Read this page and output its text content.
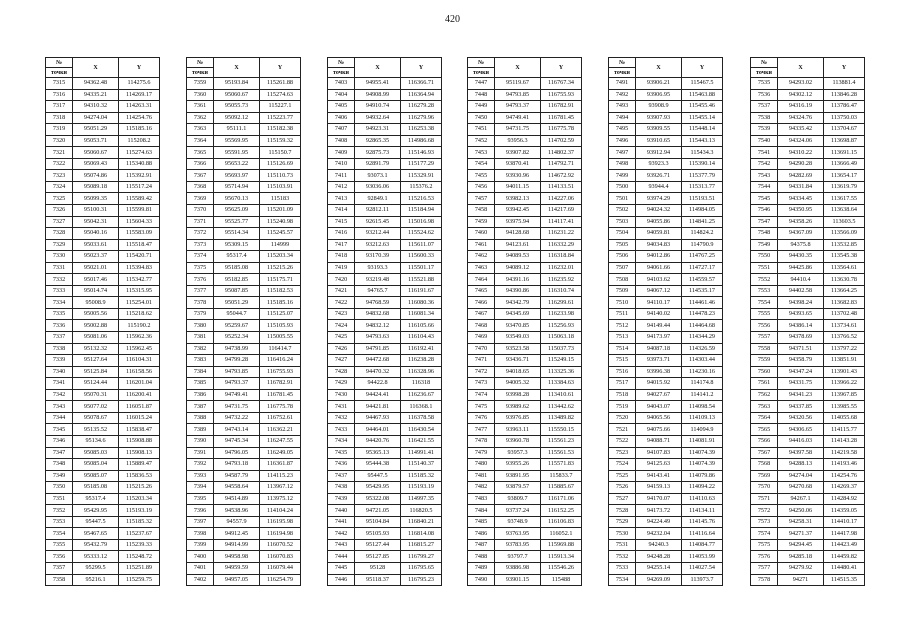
420
№	X	Y
точки		
7315	94362.48	114275.6
7316	94335.21	114269.17
7317	94310.32	114263.31
7318	94274.04	114254.76
7319	95051.29	115185.16
7320	95053.71	115208.2
7321	95060.67	115274.63
7322	95069.43	115340.88
7323	95074.86	115392.91
7324	95089.18	115517.24
7325	95099.35	115589.42
7326	95100.31	115599.81
7327	95042.31	115604.33
7328	95040.16	115583.09
7329	95033.61	115518.47
7330	95023.37	115420.71
7331	95021.01	115394.83
7332	95017.46	115342.77
7333	95014.74	115315.95
7334	95008.9	115254.01
7335	95005.56	115218.62
7336	95002.88	115190.2
7337	95081.06	115962.36
7338	95132.32	115962.45
7339	95127.64	116104.31
7340	95125.84	116158.56
7341	95124.44	116201.04
7342	95070.31	116200.41
7343	95077.02	116051.87
7344	95078.67	116015.24
7345	95135.52	115838.47
7346	95134.6	115908.88
7347	95085.03	115908.13
7348	95085.04	115889.47
7349	95085.07	115836.53
7350	95185.08	115215.26
7351	95317.4	115203.34
7352	95429.95	115193.19
7353	95447.5	115185.32
7354	95467.65	115237.67
7355	95432.79	115239.33
7356	95333.12	115248.72
7357	95299.5	115251.89
7358	95216.1	115259.75
№	X	Y
точки		
7359	95193.84	115261.88
7360	95060.67	115274.63
7361	95055.73	115227.1
7362	95092.12	115223.77
7363	95111.1	115182.38
7364	95569.95	115159.32
7365	95591.95	115150.7
7366	95653.22	115126.69
7367	95693.97	115110.73
7368	95714.94	115103.91
7369	95670.13	115183
7370	95625.09	115201.09
7371	95525.77	115240.98
7372	95514.34	115245.57
7373	95309.15	114999
7374	95317.4	115203.34
7375	95185.08	115215.26
7376	95182.85	115175.71
7377	95087.85	115182.53
7378	95051.29	115185.16
7379	95044.7	115125.07
7380	95259.67	115105.93
7381	95252.34	115005.55
7382	94738.99	116414.7
7383	94799.28	116416.24
7384	94793.85	116755.93
7385	94793.37	116782.91
7386	94749.41	116781.45
7387	94731.75	116775.78
7388	94732.22	116752.61
7389	94743.14	116362.21
7390	94745.34	116247.55
7391	94796.05	116249.05
7392	94793.18	116361.87
7393	94587.79	114115.23
7394	94558.64	113967.12
7395	94514.89	113975.12
7396	94538.96	114104.24
7397	94557.9	116195.98
7398	94912.45	116194.98
7399	94914.99	116070.52
7400	94958.98	116070.83
7401	94959.59	116079.44
7402	94957.05	116254.79
№	X	Y
точки		
7403	94955.41	116366.71
7404	94908.99	116364.94
7405	94910.74	116279.28
7406	94932.64	116279.96
7407	94923.31	116253.38
7408	92865.35	114986.68
7409	92875.73	115146.93
7410	92891.79	115177.29
7411	93073.1	115329.91
7412	93036.06	115376.2
7413	92849.1	115216.53
7414	92812.11	115184.94
7415	92615.45	115016.98
7416	93212.44	115524.62
7417	93212.63	115611.07
7418	93170.39	115600.33
7419	93193.3	115501.17
7420	93219.48	115521.88
7421	94765.7	116191.67
7422	94768.59	116080.36
7423	94832.68	116081.34
7424	94832.12	116105.66
7425	94793.63	116104.43
7426	94791.85	116192.41
7427	94472.68	116238.28
7428	94470.32	116328.96
7429	94422.8	116318
7430	94424.41	116236.67
7431	94421.81	116368.1
7432	94467.93	116378.58
7433	94464.01	116430.54
7434	94420.76	116421.55
7435	95365.13	114991.41
7436	95444.38	115140.37
7437	95447.5	115185.32
7438	95429.95	115193.19
7439	95322.08	114997.35
7440	94721.05	116820.5
7441	95104.84	116840.21
7442	95105.93	116814.08
7443	95127.44	116815.27
7444	95127.85	116799.27
7445	95128	116795.65
7446	95118.37	116795.23
№	X	Y
точки		
7447	95119.67	116767.34
7448	94793.85	116755.93
7449	94793.37	116782.91
7450	94749.41	116781.45
7451	94731.75	116775.78
7452	93956.3	114702.59
7453	93907.82	114802.37
7454	93870.41	114792.71
7455	93930.96	114672.92
7456	94011.15	114133.51
7457	93982.13	114227.06
7458	93942.45	114217.69
7459	93975.94	114117.41
7460	94128.68	116231.22
7461	94123.61	116332.29
7462	94089.53	116318.84
7463	94089.12	116232.01
7464	94391.16	116235.92
7465	94390.86	116310.74
7466	94342.79	116299.61
7467	94345.69	116233.98
7468	93470.85	115256.93
7469	93549.03	115063.18
7470	93523.58	115037.73
7471	93436.71	115249.15
7472	94018.65	113325.36
7473	94005.32	113384.63
7474	93998.28	113410.61
7475	93989.62	113442.62
7476	93976.85	113489.82
7477	93963.11	115550.15
7478	93960.78	115561.23
7479	93957.3	115561.53
7480	93955.26	115571.83
7481	93891.95	115833.7
7482	93879.57	115885.67
7483	93809.7	116171.06
7484	93737.24	116152.25
7485	93748.9	116106.83
7486	93763.95	116052.1
7487	93783.95	115969.88
7488	93797.7	115913.34
7489	93886.98	115546.26
7490	93901.15	115488
№	X	Y
точки		
7491	93906.21	115467.5
7492	93906.95	115463.88
7493	93908.9	115455.46
7494	93907.93	115455.14
7495	93909.55	115448.14
7496	93910.65	115443.13
7497	93912.94	115434.3
7498	93923.3	115390.14
7499	93926.71	115377.79
7500	93944.4	115313.77
7501	93974.29	115193.51
7502	94024.32	114984.05
7503	94055.86	114841.25
7504	94059.81	114824.2
7505	94034.83	114790.9
7506	94012.86	114767.25
7507	94061.66	114727.17
7508	94103.62	114559.57
7509	94067.12	114535.17
7510	94110.17	114461.46
7511	94140.02	114478.23
7512	94149.44	114464.68
7513	94173.97	114344.29
7514	94087.18	114326.59
7515	93973.71	114303.44
7516	93996.38	114230.16
7517	94015.92	114174.8
7518	94027.67	114141.2
7519	94043.07	114098.54
7520	94065.56	114109.13
7521	94075.66	114094.9
7522	94088.71	114081.91
7523	94107.83	114074.39
7524	94125.63	114074.39
7525	94143.41	114079.86
7526	94159.13	114094.22
7527	94170.07	114110.63
7528	94173.72	114134.11
7529	94224.49	114145.76
7530	94232.04	114116.64
7531	94240.3	114084.77
7532	94248.28	114053.99
7533	94255.14	114027.54
7534	94269.09	113973.7
№	X	Y
точки		
7535	94293.02	113881.4
7536	94302.12	113846.28
7537	94316.19	113786.47
7538	94324.76	113750.03
7539	94335.42	113704.67
7540	94324.06	113698.87
7541	94310.22	113691.15
7542	94290.28	113666.49
7543	94282.69	113654.17
7544	94331.84	113619.79
7545	94334.45	113617.55
7546	94350.95	113638.64
7547	94358.26	113603.5
7548	94367.09	113566.09
7549	94375.8	113532.85
7550	94430.35	113545.38
7551	94425.86	113564.61
7552	94410.4	113630.78
7553	94402.58	113664.25
7554	94398.24	113682.83
7555	94393.65	113702.48
7556	94386.14	113734.61
7557	94378.69	113766.52
7558	94371.51	113797.22
7559	94358.79	113851.91
7560	94347.24	113901.43
7561	94331.75	113966.22
7562	94341.23	113967.85
7563	94337.85	113985.55
7564	94320.56	114055.68
7565	94306.65	114115.77
7566	94416.03	114143.28
7567	94397.58	114219.58
7568	94288.13	114193.46
7569	94274.04	114254.76
7570	94270.68	114269.37
7571	94267.1	114284.92
7572	94250.06	114359.05
7573	94258.31	114410.17
7574	94271.37	114417.98
7575	94294.45	114423.49
7576	94285.18	114459.82
7577	94279.92	114480.41
7578	94271	114515.35
